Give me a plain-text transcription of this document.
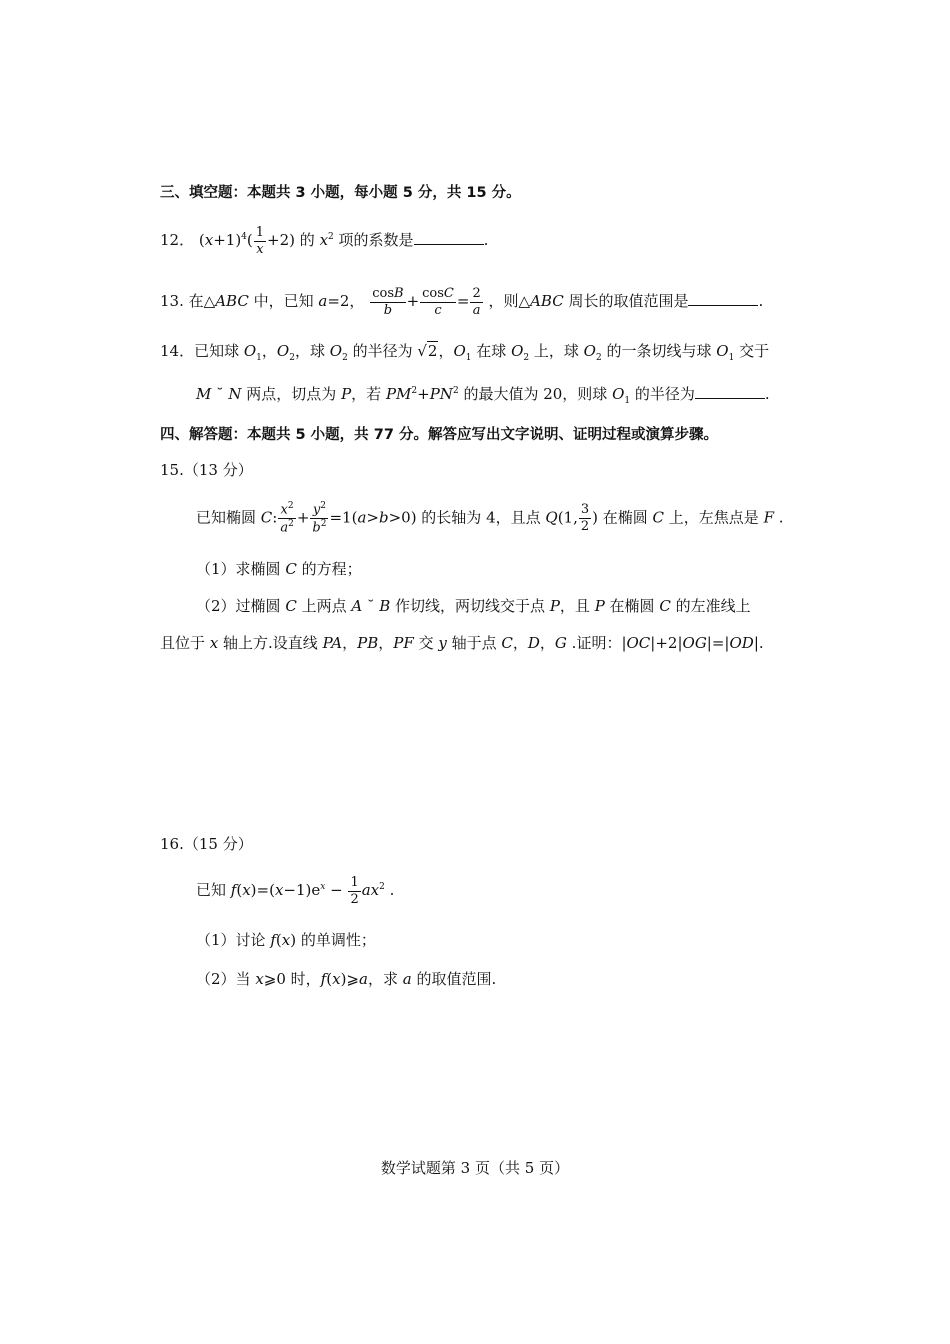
三、填空题：本题共 3 小题，每小题 5 分，共 15 分。
12． $(x+1)^4( \frac{1}{x} +2)$ 的 $x^2$ 项的系数是	.
13. 在△ABC 中，已知 a=2， $\frac{\cos B}{b} + \frac{\cos C}{c} = \frac{2}{a}$ ，则△ABC 周长的取值范围是	.
14．已知球 $O_1$，$O_2$，球 $O_2$ 的半径为 √2，$O_1$ 在球 $O_2$ 上，球 $O_2$ 的一条切线与球 $O_1$ 交于
M ˘ N 两点，切点为 P，若 $PM^2+PN^2$ 的最大值为 20，则球 $O_1$ 的半径为	.
四、解答题：本题共 5 小题，共 77 分。解答应写出文字说明、证明过程或演算步骤。
15.（13 分）
已知椭圆 C: $\frac{x^2}{a^2} + \frac{y^2}{b^2} =1(a>b>0)$ 的长轴为 4，且点 Q(1, $\frac{3}{2}$ ) 在椭圆 C 上，左焦点是 F .
（1）求椭圆 C 的方程；
（2）过椭圆 C 上两点 A ˘ B 作切线，两切线交于点 P，且 P 在椭圆 C 的左准线上
且位于 x 轴上方.设直线 PA，PB，PF 交 y 轴于点 C，D，G .证明：|OC|+2|OG|=|OD|.
16.（15 分）
已知 $f(x)=(x-1)e^x - \frac{1}{2} ax^2$ .
（1）讨论 f(x) 的单调性；
（2）当 x⩾0 时，f(x)⩾a，求 a 的取值范围.
数学试题第 3 页（共 5 页）
